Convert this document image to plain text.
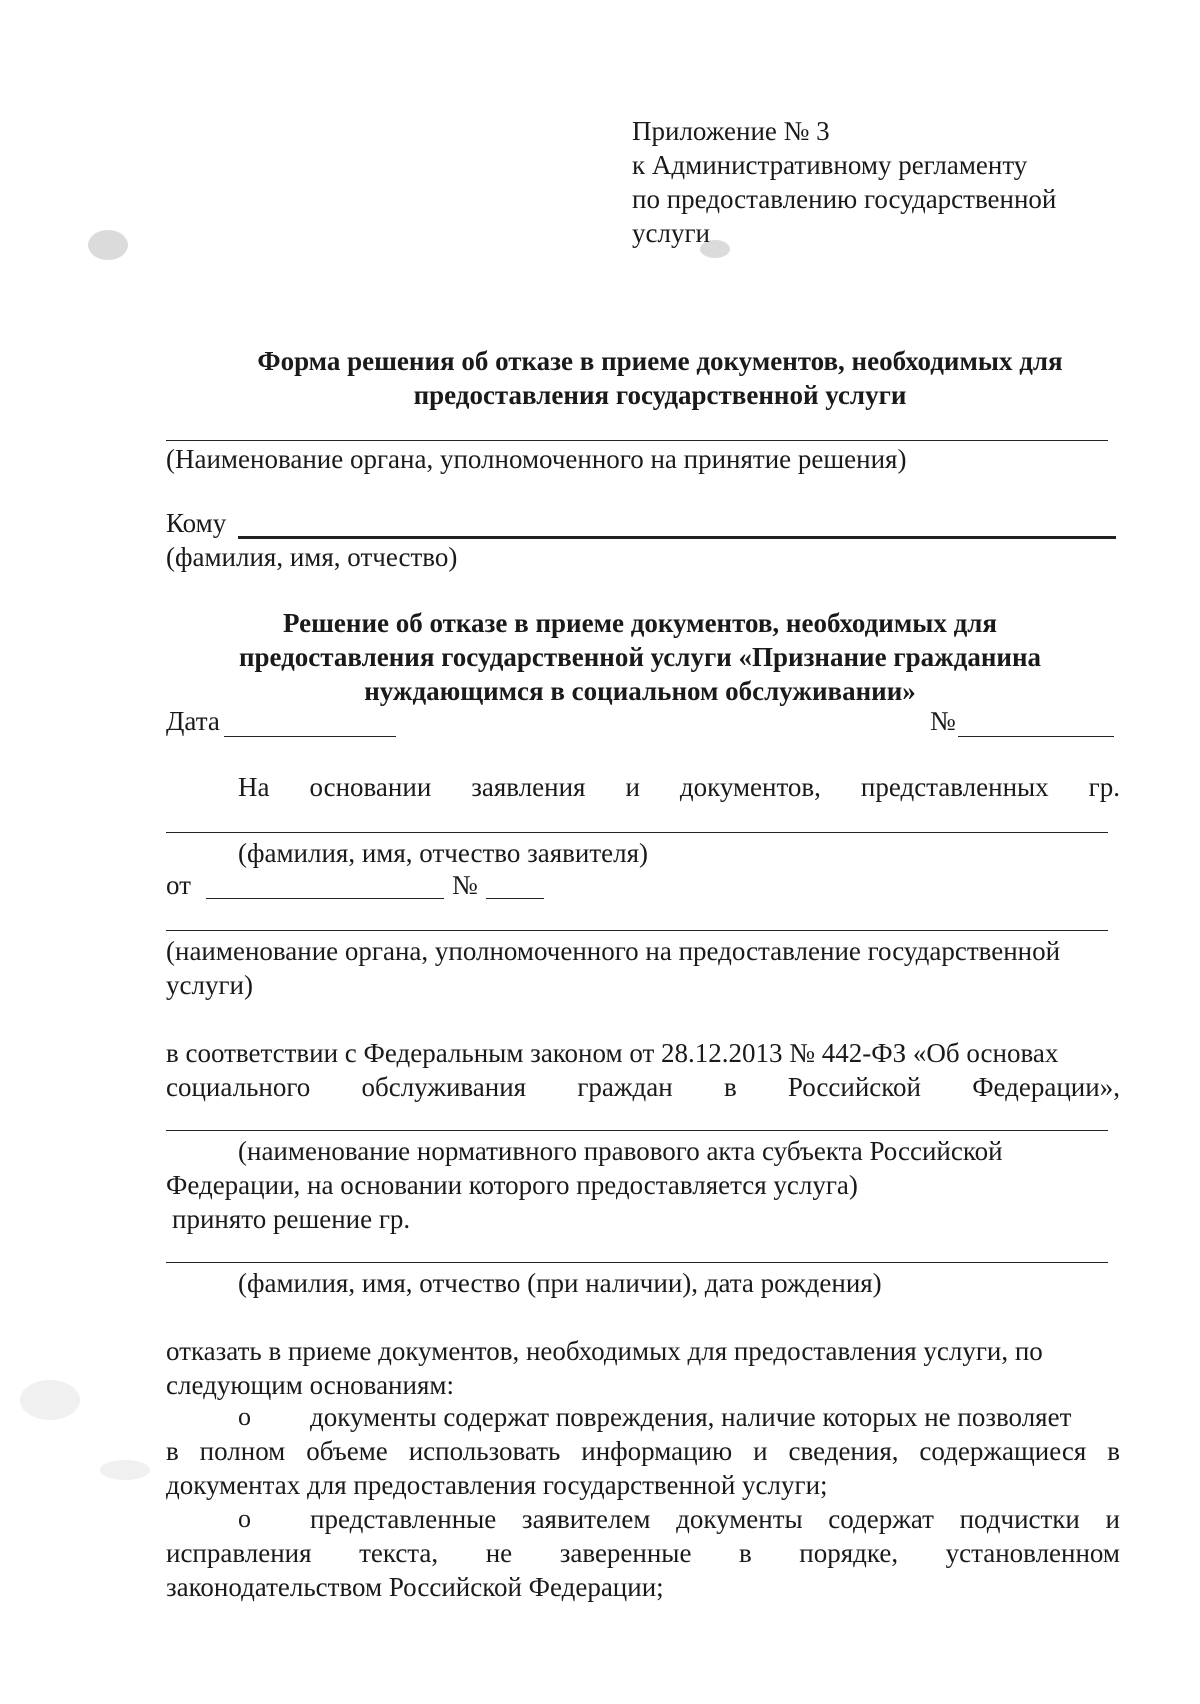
Приложение № 3
к Административному регламенту
по предоставлению государственной
услуги
Форма решения об отказе в приеме документов, необходимых для
предоставления государственной услуги
(Наименование органа, уполномоченного на принятие решения)
Кому
(фамилия, имя, отчество)
Решение об отказе в приеме документов, необходимых для
предоставления государственной услуги «Признание гражданина
нуждающимся в социальном обслуживании»
Дата	№
На основании заявления и документов, представленных гр.
(фамилия, имя, отчество заявителя)
от	№
(наименование органа, уполномоченного на предоставление государственной
услуги)
в соответствии с Федеральным законом от 28.12.2013 № 442-ФЗ «Об основах
социального обслуживания граждан в Российской Федерации»,
(наименование нормативного правового акта субъекта Российской
Федерации, на основании которого предоставляется услуга)
принято решение гр.
(фамилия, имя, отчество (при наличии), дата рождения)
отказать в приеме документов, необходимых для предоставления услуги, по
следующим основаниям:
o документы содержат повреждения, наличие которых не позволяет
в полном объеме использовать информацию и сведения, содержащиеся в
документах для предоставления государственной услуги;
o представленные заявителем документы содержат подчистки и
исправления текста, не заверенные в порядке, установленном
законодательством Российской Федерации;
